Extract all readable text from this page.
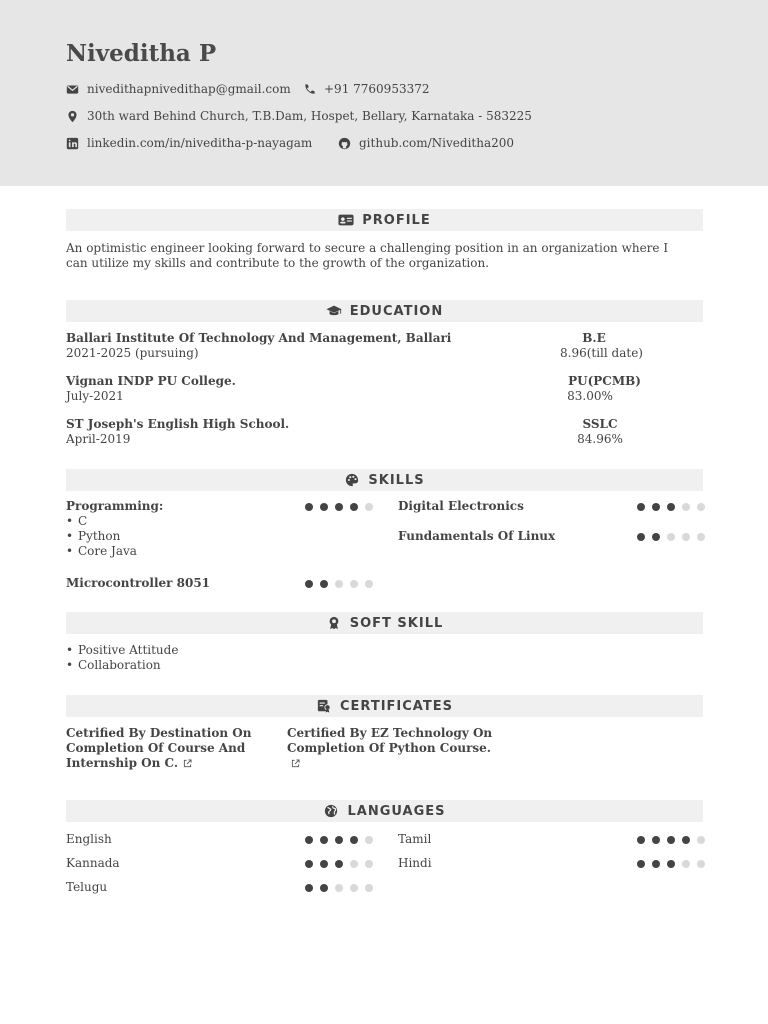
Niveditha P
nivedithapnivedithap@gmail.com	+91 7760953372
30th ward Behind Church, T.B.Dam, Hospet, Bellary, Karnataka - 583225
linkedin.com/in/niveditha-p-nayagam	github.com/Niveditha200
PROFILE
An optimistic engineer looking forward to secure a challenging position in an organization where I can utilize my skills and contribute to the growth of the organization.
EDUCATION
Ballari Institute Of Technology And Management, Ballari
2021-2025 (pursuing)
B.E
8.96(till date)
Vignan INDP PU College.
July-2021
PU(PCMB)
83.00%
ST Joseph's English High School.
April-2019
SSLC
84.96%
SKILLS
Programming:
• C
• Python
• Core Java
Microcontroller 8051
Digital Electronics
Fundamentals Of Linux
SOFT SKILL
• Positive Attitude
• Collaboration
CERTIFICATES
Cetrified By Destination On
Completion Of Course And
Internship On C.
Certified By EZ Technology On
Completion Of Python Course.
LANGUAGES
English
Kannada
Telugu
Tamil
Hindi
